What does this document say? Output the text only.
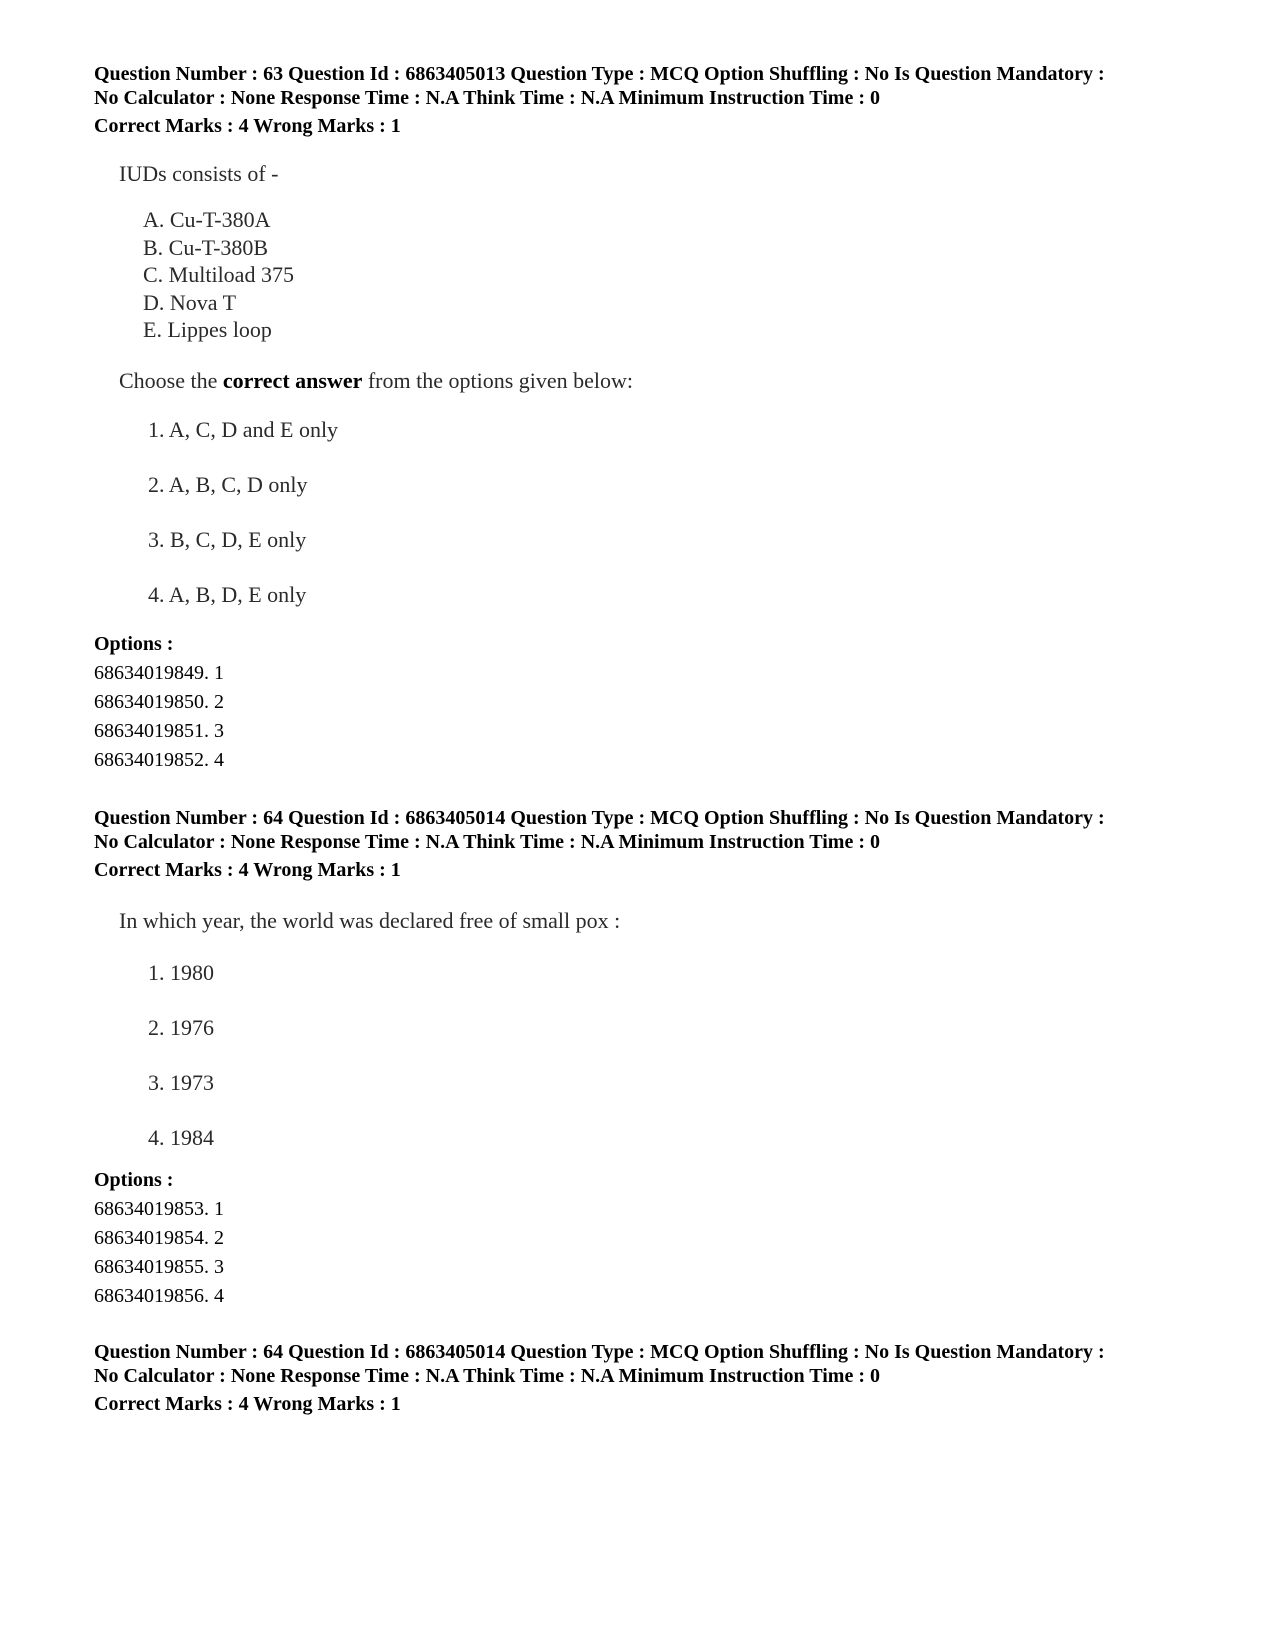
Question Number : 63 Question Id : 6863405013 Question Type : MCQ Option Shuffling : No Is Question Mandatory :
No Calculator : None Response Time : N.A Think Time : N.A Minimum Instruction Time : 0
Correct Marks : 4 Wrong Marks : 1
IUDs consists of -
A. Cu-T-380A
B. Cu-T-380B
C. Multiload 375
D. Nova T
E. Lippes loop
Choose the correct answer from the options given below:
1. A, C, D and E only
2. A, B, C, D only
3. B, C, D, E only
4. A, B, D, E only
Options :
68634019849. 1
68634019850. 2
68634019851. 3
68634019852. 4
Question Number : 64 Question Id : 6863405014 Question Type : MCQ Option Shuffling : No Is Question Mandatory :
No Calculator : None Response Time : N.A Think Time : N.A Minimum Instruction Time : 0
Correct Marks : 4 Wrong Marks : 1
In which year, the world was declared free of small pox :
1. 1980
2. 1976
3. 1973
4. 1984
Options :
68634019853. 1
68634019854. 2
68634019855. 3
68634019856. 4
Question Number : 64 Question Id : 6863405014 Question Type : MCQ Option Shuffling : No Is Question Mandatory :
No Calculator : None Response Time : N.A Think Time : N.A Minimum Instruction Time : 0
Correct Marks : 4 Wrong Marks : 1
